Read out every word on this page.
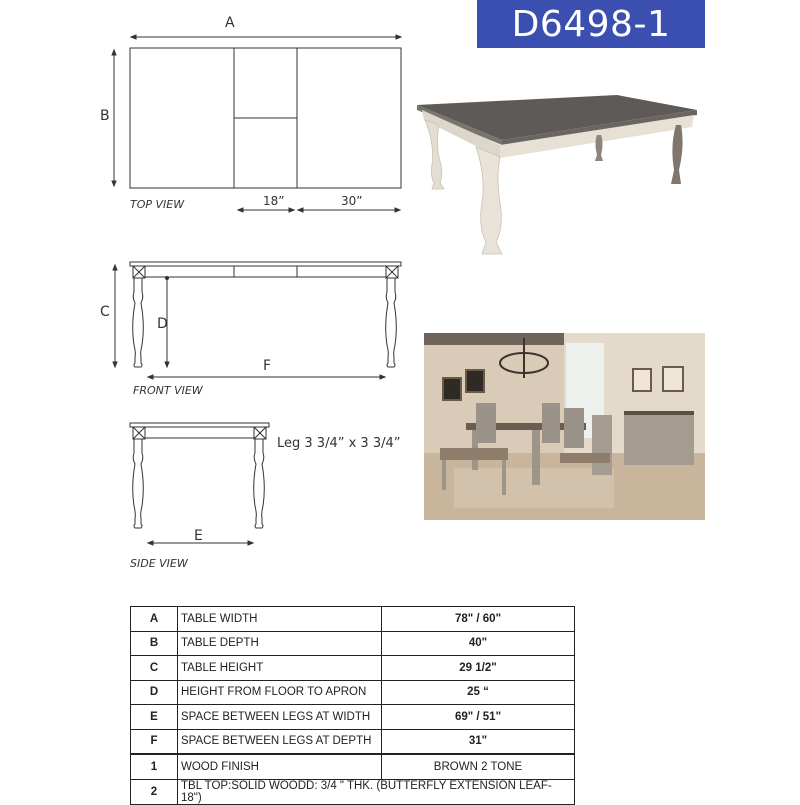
D6498-1
A
B
18”	30”
TOP VIEW
C
D
F
FRONT VIEW
Leg 3 3/4” x 3 3/4”
E
SIDE VIEW
A	TABLE WIDTH	78" / 60"
B	TABLE DEPTH	40"
C	TABLE HEIGHT	29 1/2"
D	HEIGHT FROM FLOOR TO APRON	25 “
E	SPACE BETWEEN LEGS AT WIDTH	69" / 51"
F	SPACE BETWEEN LEGS AT DEPTH	31"
1	WOOD FINISH	BROWN 2 TONE
2	TBL TOP:SOLID WOODD: 3/4 " THK. (BUTTERFLY EXTENSION LEAF-18")	
